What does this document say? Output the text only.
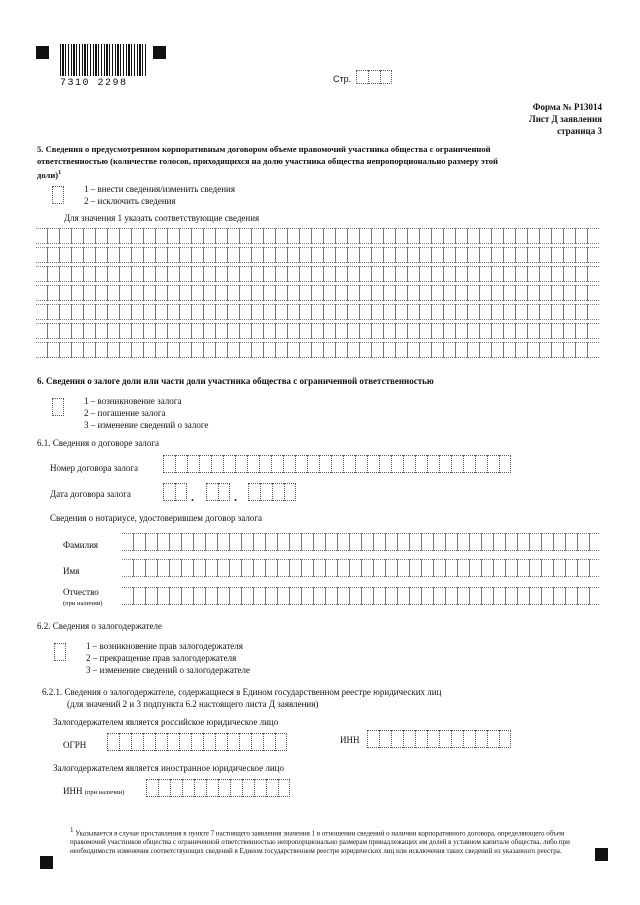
7310 2298	Стр.
Форма № Р13014
Лист Д заявления
страница 3
5. Сведения о предусмотренном корпоративным договором объеме правомочий участника общества с ограниченной
ответственностью (количестве голосов, приходящихся на долю участника общества непропорционально размеру этой
доли)$^1$
1 – внести сведения/изменить сведения
2 – исключить сведения
Для значения 1 указать соответствующие сведения
6. Сведения о залоге доли или части доли участника общества с ограниченной ответственностью
1 – возникновение залога
2 – погашение залога
3 – изменение сведений о залоге
6.1. Сведения о договоре залога
Номер договора залога
Дата договора залога	.	.
Сведения о нотариусе, удостоверившем договор залога
Фамилия
Имя
Отчество
(при наличии)
6.2. Сведения о залогодержателе
1 – возникновение прав залогодержателя
2 – прекращение прав залогодержателя
3 – изменение сведений о залогодержателе
6.2.1. Сведения о залогодержателе, содержащиеся в Едином государственном реестре юридических лиц
(для значений 2 и 3 подпункта 6.2 настоящего листа Д заявления)
Залогодержателем является российское юридическое лицо
ОГРН	ИНН
Залогодержателем является иностранное юридическое лицо
ИНН (при наличии)
$^1$ Указывается в случае проставления в пункте 7 настоящего заявления значения 1 в отношении сведений о наличии корпоративного договора, определяющего объем правомочий участников общества с ограниченной ответственностью непропорционально размерам принадлежащих им долей в уставном капитале общества, либо при необходимости изменения соответствующих сведений в Едином государственном реестре юридических лиц или исключения таких сведений из указанного реестра.
